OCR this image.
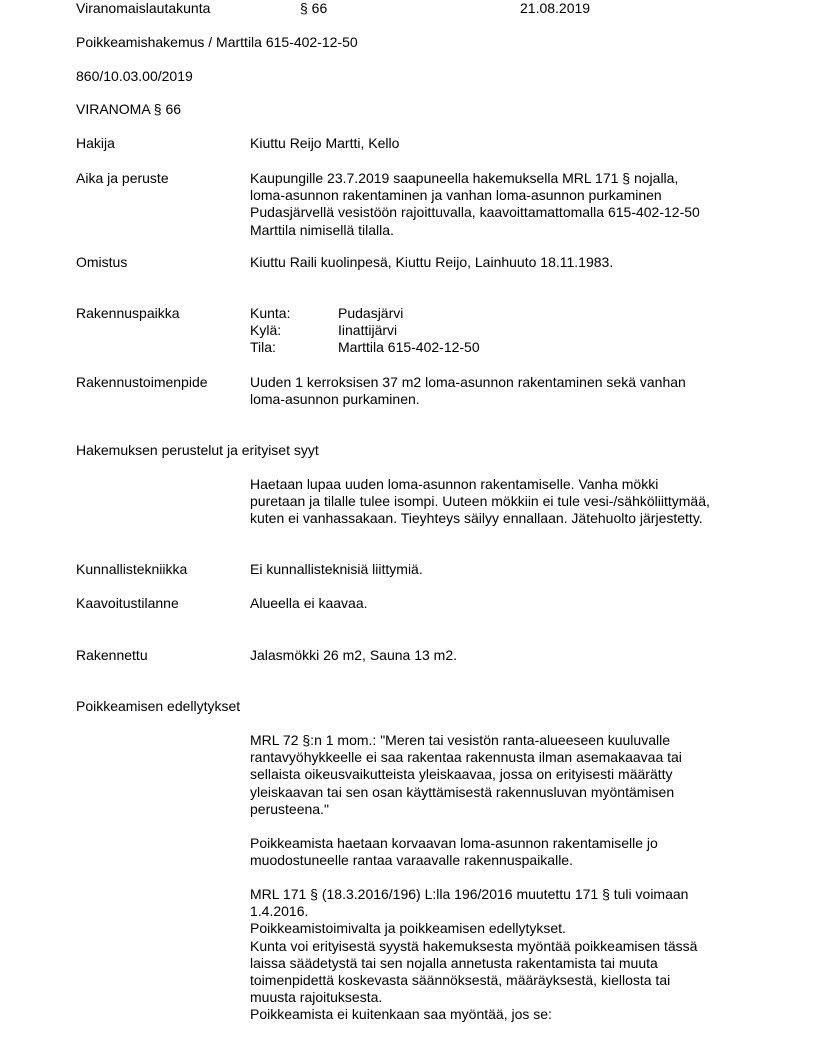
Viranomaislautakunta	§ 66	21.08.2019
Poikkeamishakemus / Marttila 615-402-12-50
860/10.03.00/2019
VIRANOMA § 66
Hakija	Kiuttu Reijo Martti, Kello
Aika ja peruste	Kaupungille 23.7.2019 saapuneella hakemuksella MRL 171 § nojalla,
loma-asunnon rakentaminen ja vanhan loma-asunnon purkaminen
Pudasjärvellä vesistöön rajoittuvalla, kaavoittamattomalla 615-402-12-50
Marttila nimisellä tilalla.
Omistus	Kiuttu Raili kuolinpesä, Kiuttu Reijo, Lainhuuto 18.11.1983.
Rakennuspaikka	Kunta:	Pudasjärvi
Kylä:	Iinattijärvi
Tila:	Marttila 615-402-12-50
Rakennustoimenpide	Uuden 1 kerroksisen 37 m2 loma-asunnon rakentaminen sekä vanhan
loma-asunnon purkaminen.
Hakemuksen perustelut ja erityiset syyt
Haetaan lupaa uuden loma-asunnon rakentamiselle. Vanha mökki
puretaan ja tilalle tulee isompi. Uuteen mökkiin ei tule vesi-/sähköliittymää,
kuten ei vanhassakaan. Tieyhteys säilyy ennallaan. Jätehuolto järjestetty.
Kunnallistekniikka	Ei kunnallisteknisiä liittymiä.
Kaavoitustilanne	Alueella ei kaavaa.
Rakennettu	Jalasmökki 26 m2, Sauna 13 m2.
Poikkeamisen edellytykset
MRL 72 §:n 1 mom.: "Meren tai vesistön ranta-alueeseen kuuluvalle
rantavyöhykkeelle ei saa rakentaa rakennusta ilman asemakaavaa tai
sellaista oikeusvaikutteista yleiskaavaa, jossa on erityisesti määrätty
yleiskaavan tai sen osan käyttämisestä rakennusluvan myöntämisen
perusteena."
Poikkeamista haetaan korvaavan loma-asunnon rakentamiselle jo
muodostuneelle rantaa varaavalle rakennuspaikalle.
MRL 171 § (18.3.2016/196) L:lla 196/2016 muutettu 171 § tuli voimaan
1.4.2016.
Poikkeamistoimivalta ja poikkeamisen edellytykset.
Kunta voi erityisestä syystä hakemuksesta myöntää poikkeamisen tässä
laissa säädetystä tai sen nojalla annetusta rakentamista tai muuta
toimenpidettä koskevasta säännöksestä, määräyksestä, kiellosta tai
muusta rajoituksesta.
Poikkeamista ei kuitenkaan saa myöntää, jos se:
